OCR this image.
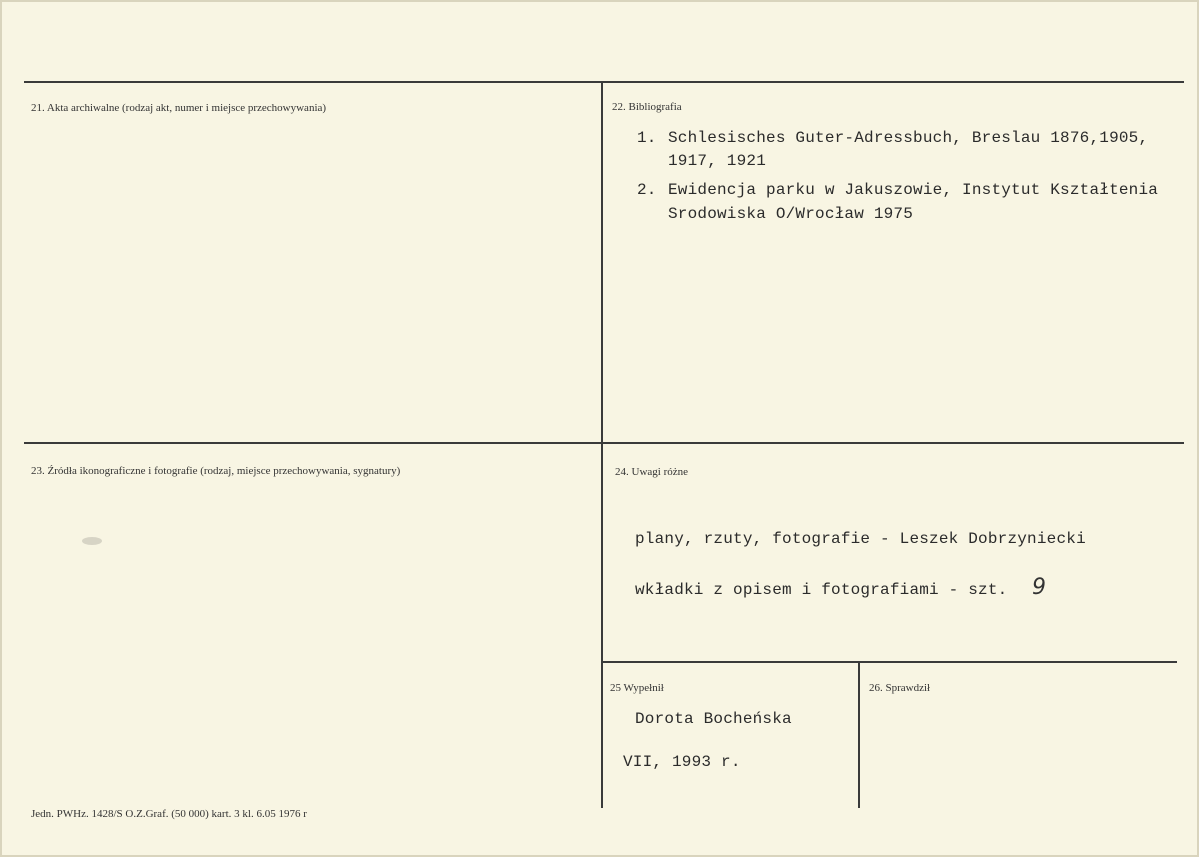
21. Akta archiwalne (rodzaj akt, numer i miejsce przechowywania)	22. Bibliografia
1. Schlesisches Guter-Adressbuch, Breslau 1876,1905,
1917, 1921
2. Ewidencja parku w Jakuszowie, Instytut Kształtenia
Srodowiska O/Wrocław 1975
23. Źródła ikonograficzne i fotografie (rodzaj, miejsce przechowywania, sygnatury)	24. Uwagi różne
plany, rzuty, fotografie - Leszek Dobrzyniecki
wkładki z opisem i fotografiami - szt. 9
25 Wypełnił
Dorota Bocheńska
VII, 1993 r.
26. Sprawdził
Jedn. PWHz. 1428/S O.Z.Graf. (50 000) kart. 3 kl. 6.05 1976 r
